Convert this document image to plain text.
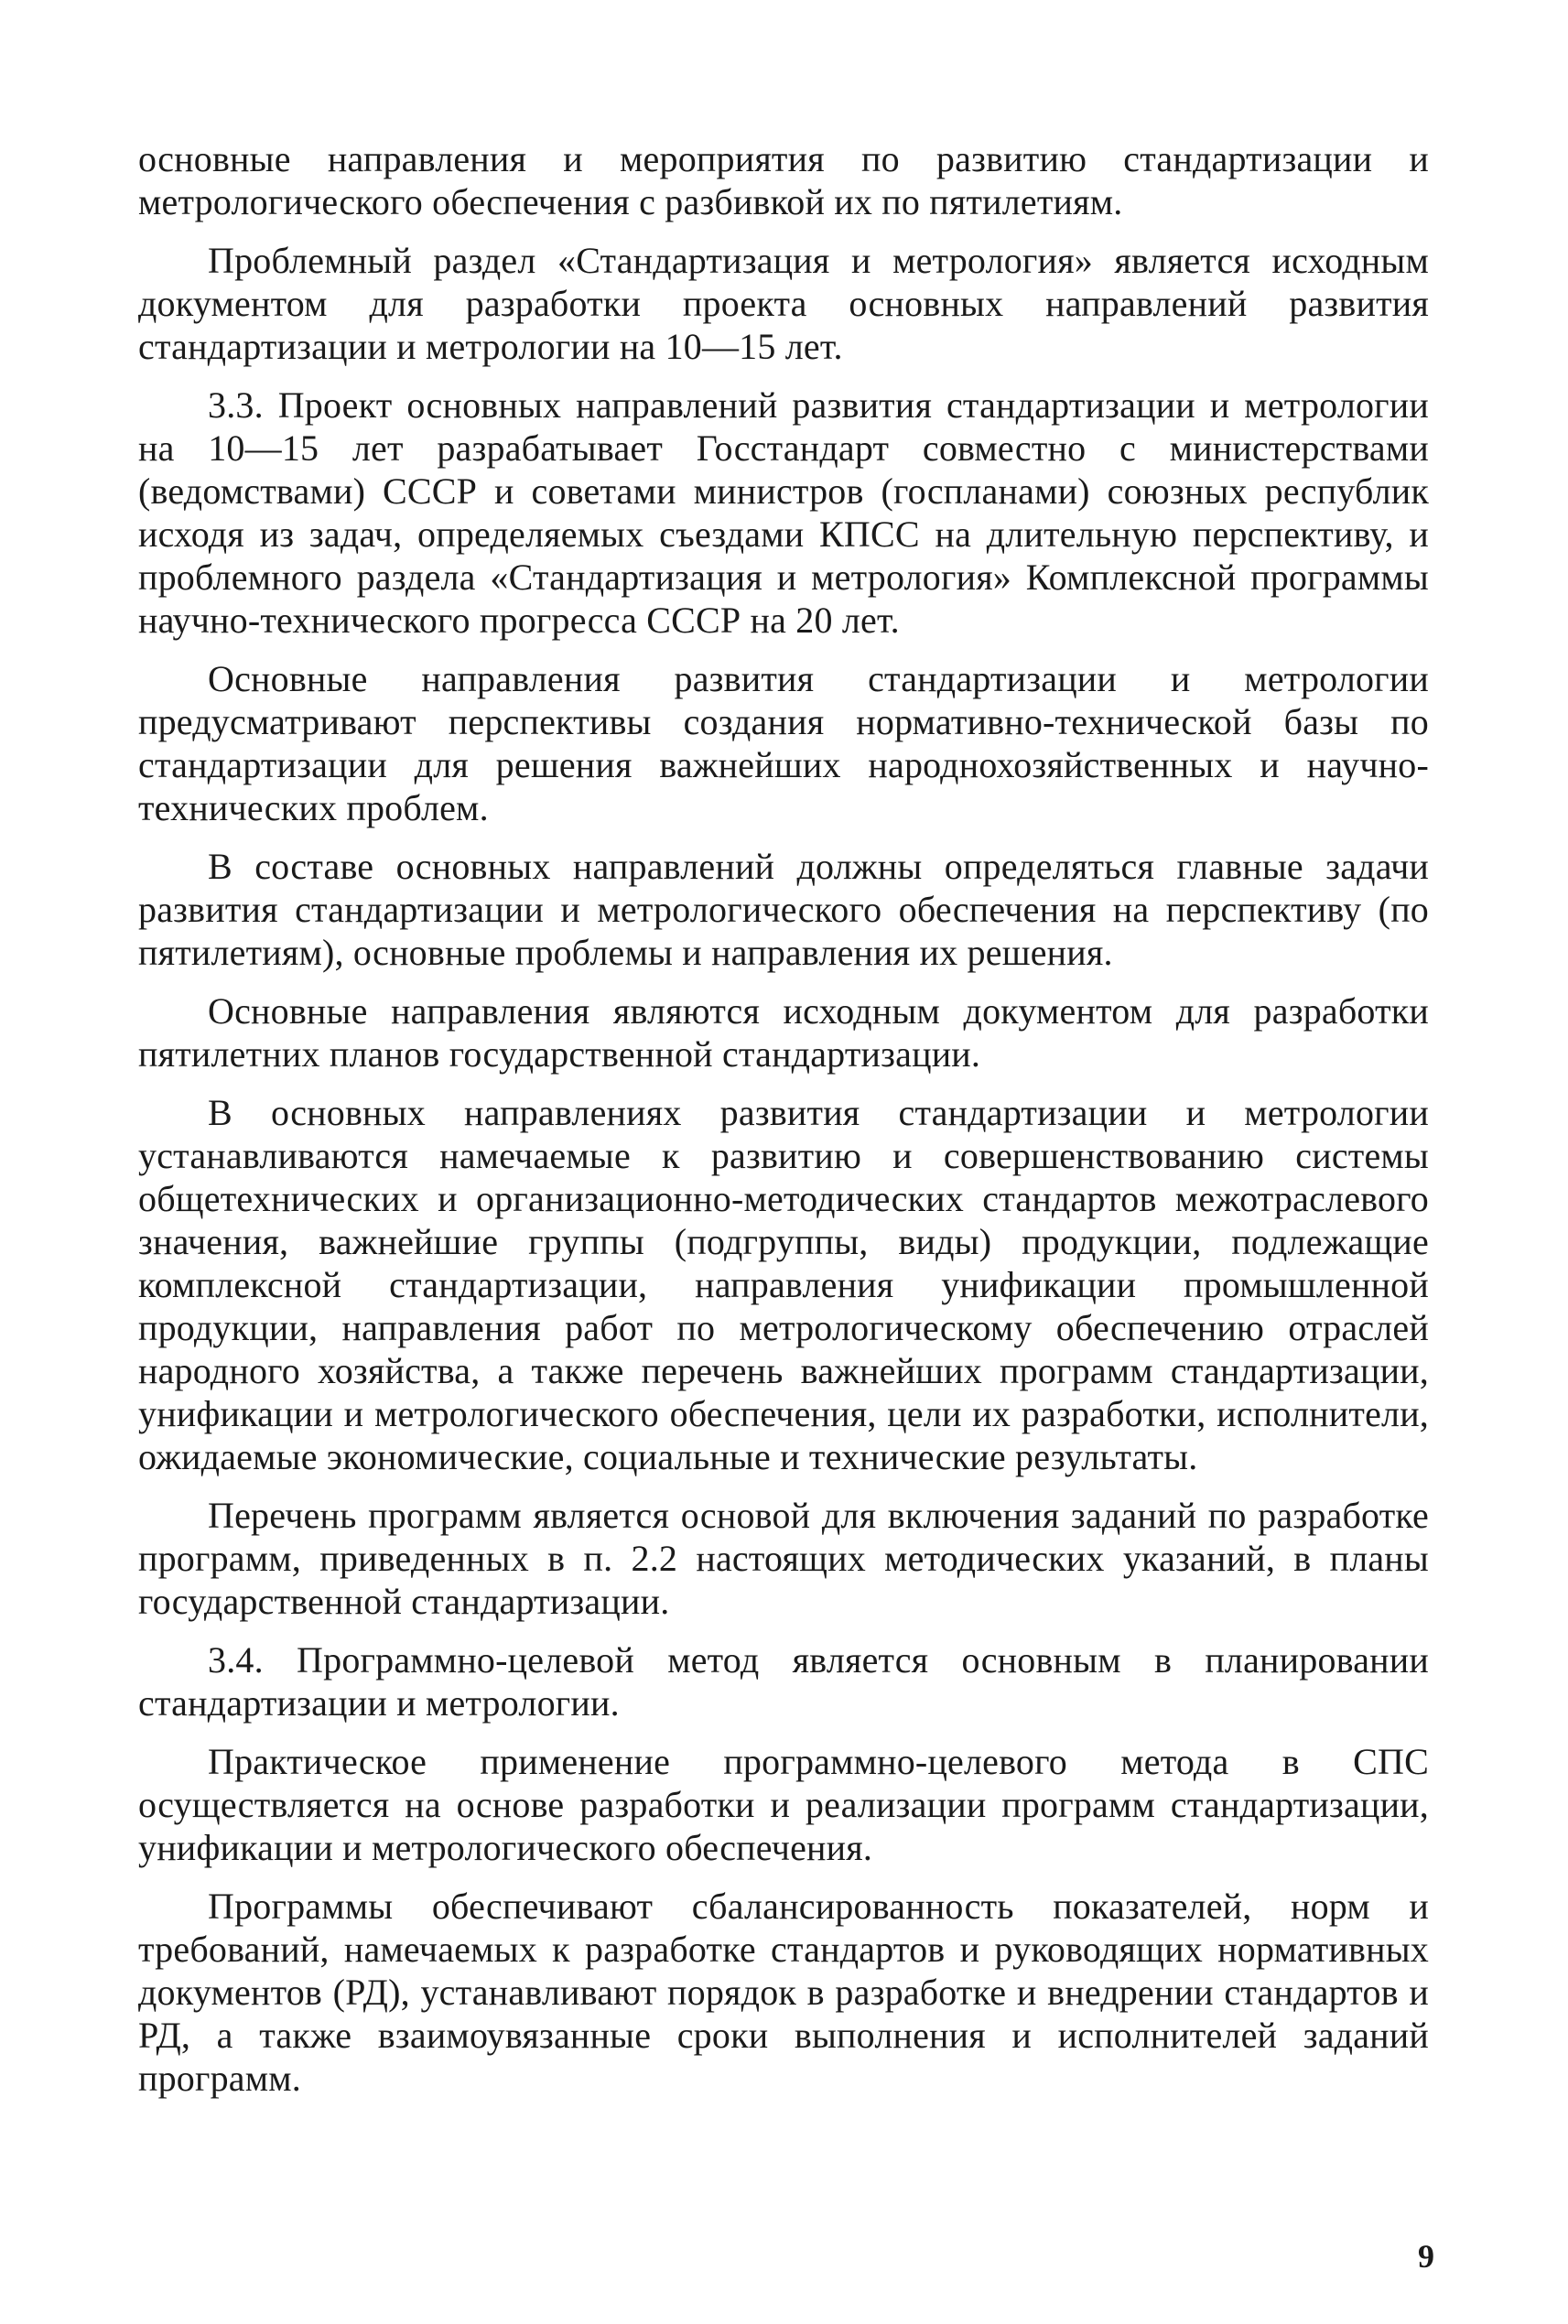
основные направления и мероприятия по развитию стандартизации и метрологического обеспечения с разбивкой их по пятилетиям.

Проблемный раздел «Стандартизация и метрология» является исходным документом для разработки проекта основных направлений развития стандартизации и метрологии на 10—15 лет.

3.3. Проект основных направлений развития стандартизации и метрологии на 10—15 лет разрабатывает Госстандарт совместно с министерствами (ведомствами) СССР и советами министров (госпланами) союзных республик исходя из задач, определяемых съездами КПСС на длительную перспективу, и проблемного раздела «Стандартизация и метрология» Комплексной программы научно-технического прогресса СССР на 20 лет.

Основные направления развития стандартизации и метрологии предусматривают перспективы создания нормативно-технической базы по стандартизации для решения важнейших народнохозяйственных и научно-технических проблем.

В составе основных направлений должны определяться главные задачи развития стандартизации и метрологического обеспечения на перспективу (по пятилетиям), основные проблемы и направления их решения.

Основные направления являются исходным документом для разработки пятилетних планов государственной стандартизации.

В основных направлениях развития стандартизации и метрологии устанавливаются намечаемые к развитию и совершенствованию системы общетехнических и организационно-методических стандартов межотраслевого значения, важнейшие группы (подгруппы, виды) продукции, подлежащие комплексной стандартизации, направления унификации промышленной продукции, направления работ по метрологическому обеспечению отраслей народного хозяйства, а также перечень важнейших программ стандартизации, унификации и метрологического обеспечения, цели их разработки, исполнители, ожидаемые экономические, социальные и технические результаты.

Перечень программ является основой для включения заданий по разработке программ, приведенных в п. 2.2 настоящих методических указаний, в планы государственной стандартизации.

3.4. Программно-целевой метод является основным в планировании стандартизации и метрологии.

Практическое применение программно-целевого метода в СПС осуществляется на основе разработки и реализации программ стандартизации, унификации и метрологического обеспечения.

Программы обеспечивают сбалансированность показателей, норм и требований, намечаемых к разработке стандартов и руководящих нормативных документов (РД), устанавливают порядок в разработке и внедрении стандартов и РД, а также взаимоувязанные сроки выполнения и исполнителей заданий программ.

9
